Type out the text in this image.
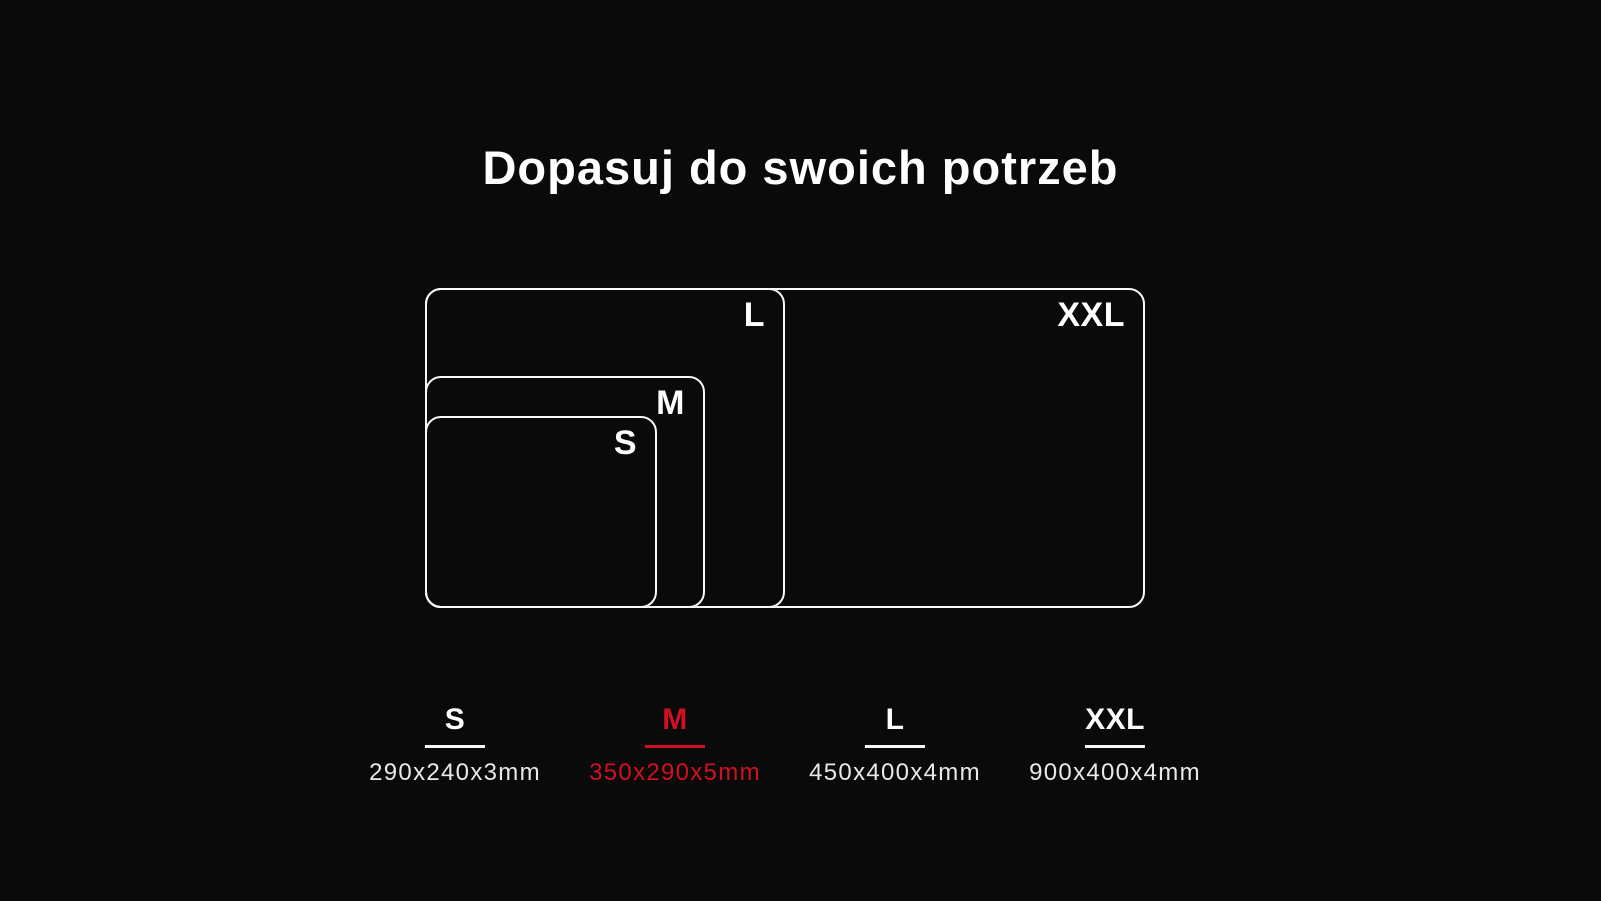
Dopasuj do swoich potrzeb
XXL
L
M
S
S
290x240x3mm
M
350x290x5mm
L
450x400x4mm
XXL
900x400x4mm
